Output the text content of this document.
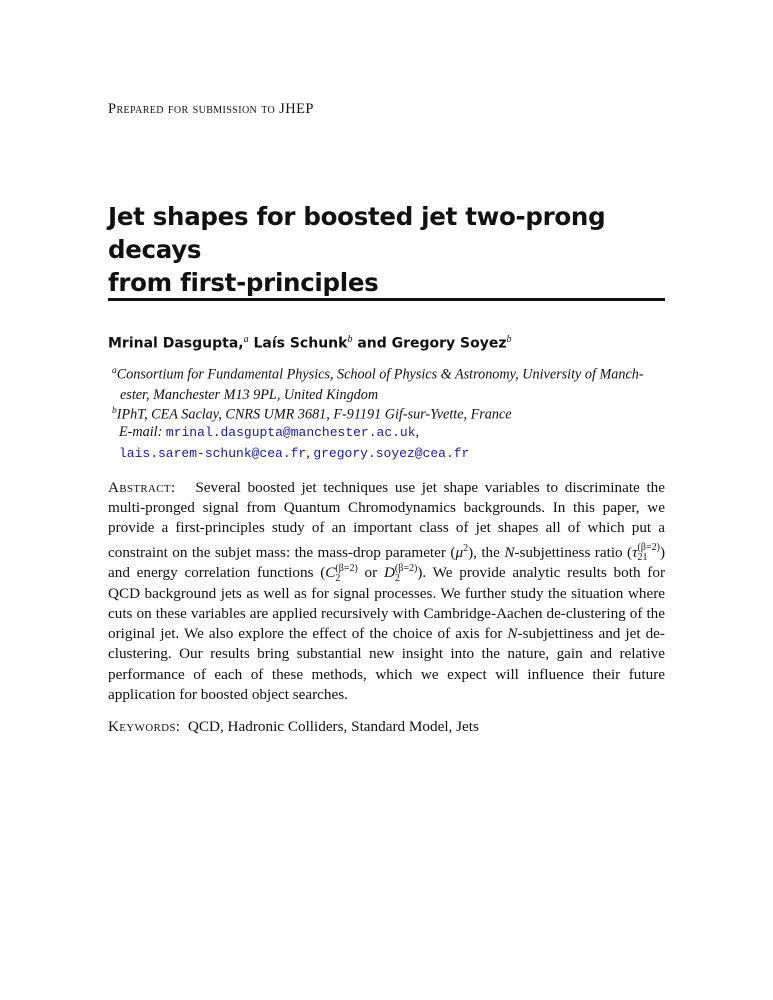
Prepared for submission to JHEP
Jet shapes for boosted jet two-prong decays
from first-principles
Mrinal Dasgupta,$^a$ Laís Schunk$^b$ and Gregory Soyez$^b$
$^a$Consortium for Fundamental Physics, School of Physics & Astronomy, University of Manch-
ester, Manchester M13 9PL, United Kingdom
$^b$IPhT, CEA Saclay, CNRS UMR 3681, F-91191 Gif-sur-Yvette, France
E-mail: mrinal.dasgupta@manchester.ac.uk,
lais.sarem-schunk@cea.fr, gregory.soyez@cea.fr
Abstract: Several boosted jet techniques use jet shape variables to discriminate the multi-pronged signal from Quantum Chromodynamics backgrounds. In this paper, we provide a first-principles study of an important class of jet shapes all of which put a constraint on the subjet mass: the mass-drop parameter $(\mu^2)$, the N-subjettiness ratio (τ (β=2)
21 ) and energy correlation functions (C (β=2)
2	or D (β=2)
2	). We provide analytic results both for QCD background jets as well as for signal processes. We further study the situation where cuts on these variables are applied recursively with Cambridge-Aachen de-clustering of the original jet. We also explore the effect of the choice of axis for N-subjettiness and jet de-clustering. Our results bring substantial new insight into the nature, gain and relative performance of each of these methods, which we expect will influence their future application for boosted object searches.
Keywords: QCD, Hadronic Colliders, Standard Model, Jets
